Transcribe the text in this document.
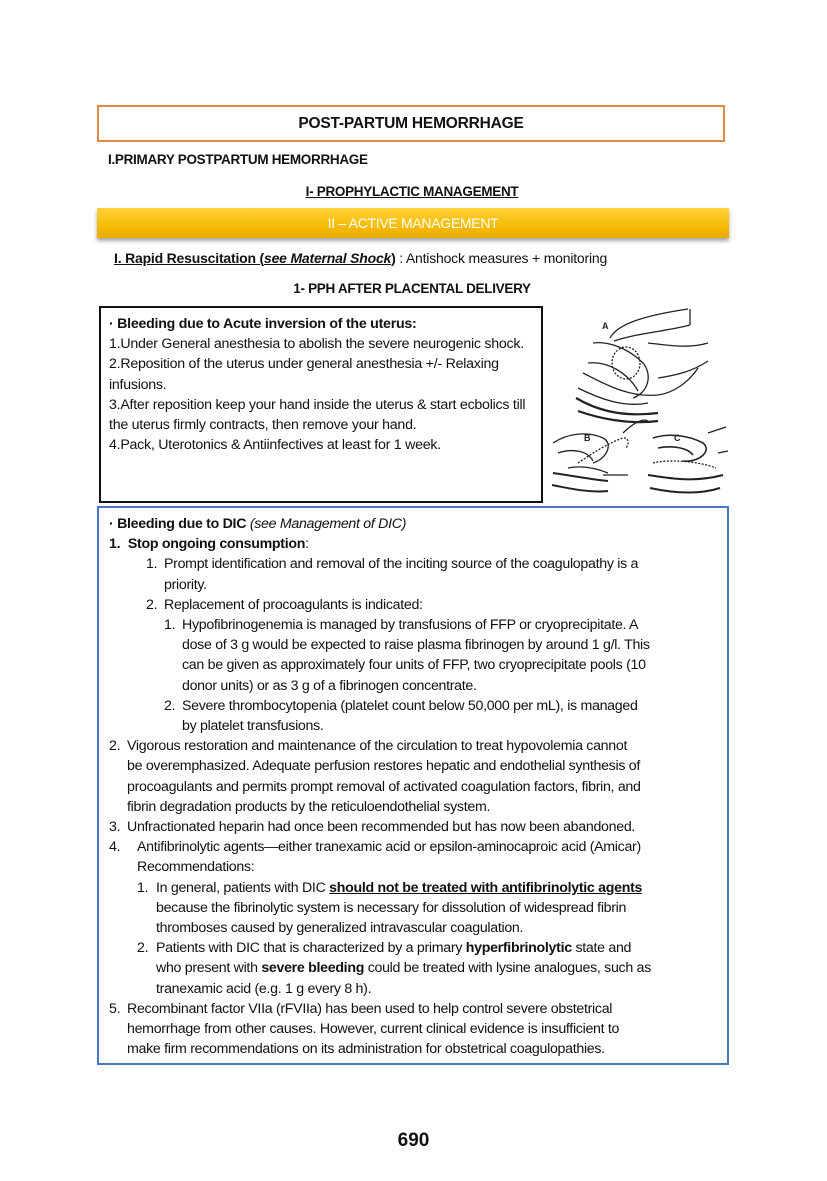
POST-PARTUM HEMORRHAGE
I.PRIMARY POSTPARTUM HEMORRHAGE
I- PROPHYLACTIC MANAGEMENT
II – ACTIVE MANAGEMENT
I. Rapid Resuscitation (see Maternal Shock) : Antishock measures + monitoring
1- PPH AFTER PLACENTAL DELIVERY
· Bleeding due to Acute inversion of the uterus:
1.Under General anesthesia to abolish the severe neurogenic shock.
2.Reposition of the uterus under general anesthesia +/- Relaxing infusions.
3.After reposition keep your hand inside the uterus & start ecbolics till the uterus firmly contracts, then remove your hand.
4.Pack, Uterotonics & Antiinfectives at least for 1 week.
A
B	C
· Bleeding due to DIC (see Management of DIC)
1. Stop ongoing consumption:
1. Prompt identification and removal of the inciting source of the coagulopathy is a
priority.
2. Replacement of procoagulants is indicated:
1. Hypofibrinogenemia is managed by transfusions of FFP or cryoprecipitate. A
dose of 3 g would be expected to raise plasma fibrinogen by around 1 g/l. This
can be given as approximately four units of FFP, two cryoprecipitate pools (10
donor units) or as 3 g of a fibrinogen concentrate.
2. Severe thrombocytopenia (platelet count below 50,000 per mL), is managed
by platelet transfusions.
2. Vigorous restoration and maintenance of the circulation to treat hypovolemia cannot
be overemphasized. Adequate perfusion restores hepatic and endothelial synthesis of
procoagulants and permits prompt removal of activated coagulation factors, fibrin, and
fibrin degradation products by the reticuloendothelial system.
3. Unfractionated heparin had once been recommended but has now been abandoned.
4. Antifibrinolytic agents—either tranexamic acid or epsilon-aminocaproic acid (Amicar)
Recommendations:
1. In general, patients with DIC should not be treated with antifibrinolytic agents
because the fibrinolytic system is necessary for dissolution of widespread fibrin
thromboses caused by generalized intravascular coagulation.
2. Patients with DIC that is characterized by a primary hyperfibrinolytic state and
who present with severe bleeding could be treated with lysine analogues, such as
tranexamic acid (e.g. 1 g every 8 h).
5. Recombinant factor VIIa (rFVIIa) has been used to help control severe obstetrical
hemorrhage from other causes. However, current clinical evidence is insufficient to
make firm recommendations on its administration for obstetrical coagulopathies.
690
